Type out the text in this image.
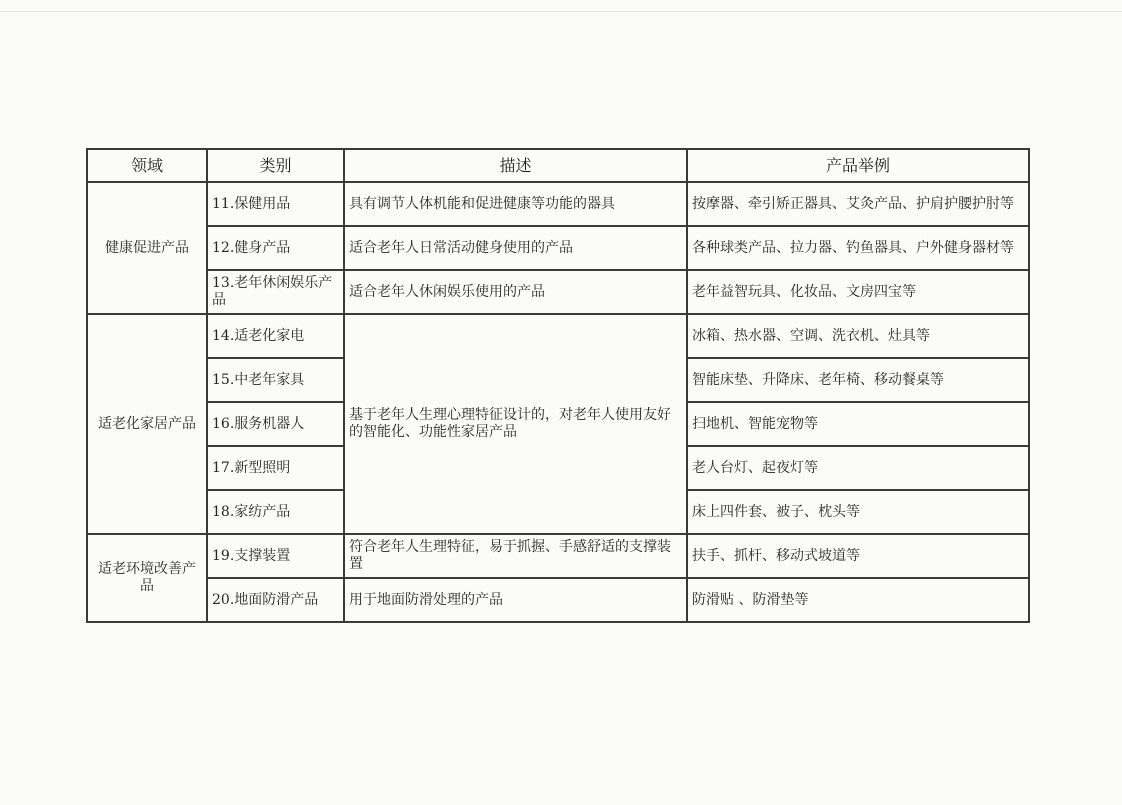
领域	类别	描述	产品举例
健康促进产品	11.保健用品	具有调节人体机能和促进健康等功能的器具	按摩器、牵引矫正器具、艾灸产品、护肩护腰护肘等
	12.健身产品	适合老年人日常活动健身使用的产品	各种球类产品、拉力器、钓鱼器具、户外健身器材等
	13.老年休闲娱乐产品	适合老年人休闲娱乐使用的产品	老年益智玩具、化妆品、文房四宝等
适老化家居产品	14.适老化家电	基于老年人生理心理特征设计的，对老年人使用友好的智能化、功能性家居产品	冰箱、热水器、空调、洗衣机、灶具等
	15.中老年家具		智能床垫、升降床、老年椅、移动餐桌等
	16.服务机器人		扫地机、智能宠物等
	17.新型照明		老人台灯、起夜灯等
	18.家纺产品		床上四件套、被子、枕头等
适老环境改善产品	19.支撑装置	符合老年人生理特征，易于抓握、手感舒适的支撑装置	扶手、抓杆、移动式坡道等
	20.地面防滑产品	用于地面防滑处理的产品	防滑贴 、防滑垫等
